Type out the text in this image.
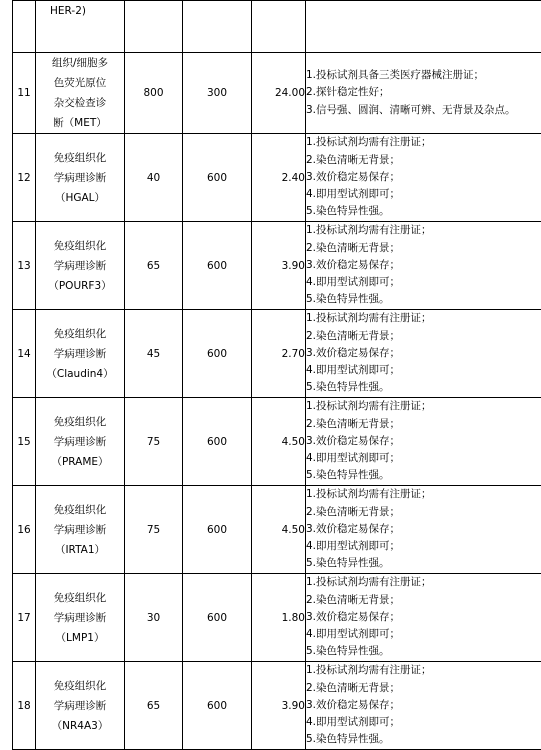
	HER-2)				

11	组织/细胞多
色荧光原位
杂交检查诊
断（MET）	800	300	24.00	1.投标试剂具备三类医疗器械注册证；
2.探针稳定性好；
3.信号强、圆润、清晰可辨、无背景及杂点。

12	免疫组织化
学病理诊断
（HGAL）	40	600	2.40	1.投标试剂均需有注册证；
2.染色清晰无背景；
3.效价稳定易保存；
4.即用型试剂即可；
5.染色特异性强。

13	免疫组织化
学病理诊断
（POURF3）	65	600	3.90	1.投标试剂均需有注册证；
2.染色清晰无背景；
3.效价稳定易保存；
4.即用型试剂即可；
5.染色特异性强。

14	免疫组织化
学病理诊断
（Claudin4）	45	600	2.70	1.投标试剂均需有注册证；
2.染色清晰无背景；
3.效价稳定易保存；
4.即用型试剂即可；
5.染色特异性强。

15	免疫组织化
学病理诊断
（PRAME）	75	600	4.50	1.投标试剂均需有注册证；
2.染色清晰无背景；
3.效价稳定易保存；
4.即用型试剂即可；
5.染色特异性强。

16	免疫组织化
学病理诊断
（IRTA1）	75	600	4.50	1.投标试剂均需有注册证；
2.染色清晰无背景；
3.效价稳定易保存；
4.即用型试剂即可；
5.染色特异性强。

17	免疫组织化
学病理诊断
（LMP1）	30	600	1.80	1.投标试剂均需有注册证；
2.染色清晰无背景；
3.效价稳定易保存；
4.即用型试剂即可；
5.染色特异性强。

18	免疫组织化
学病理诊断
（NR4A3）	65	600	3.90	1.投标试剂均需有注册证；
2.染色清晰无背景；
3.效价稳定易保存；
4.即用型试剂即可；
5.染色特异性强。
